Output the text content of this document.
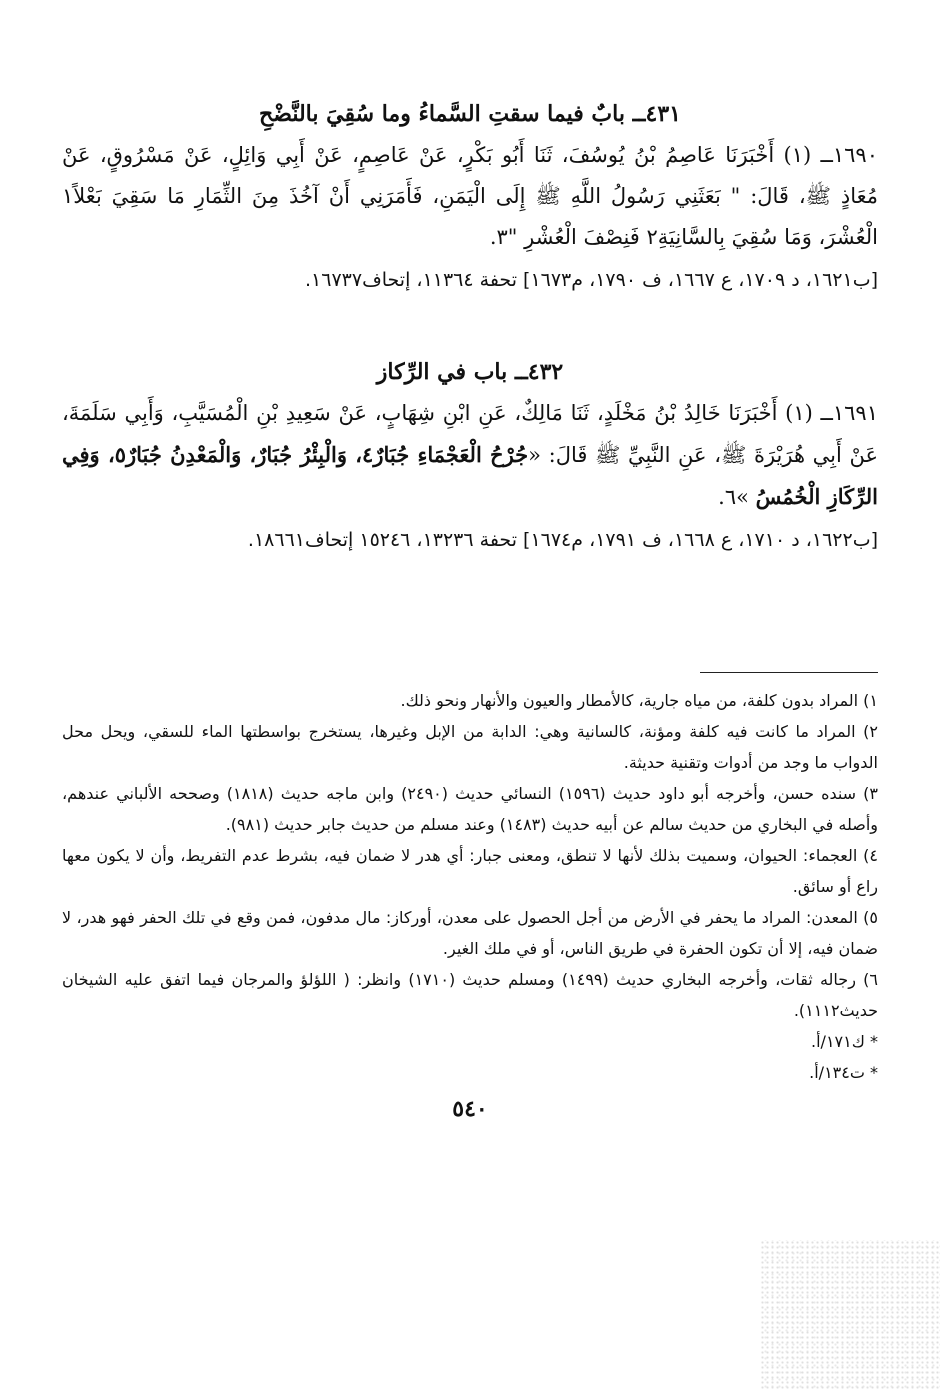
٤٣١ــ بابٌ فيما سقتِ السَّماءُ وما سُقِيَ بالنَّضْحِ

١٦٩٠ــ (١) أَخْبَرَنَا عَاصِمُ بْنُ يُوسُفَ، ثَنَا أَبُو بَكْرٍ، عَنْ عَاصِمٍ، عَنْ أَبِي وَائِلٍ، عَنْ مَسْرُوقٍ، عَنْ مُعَاذٍ ﷺ، قَالَ: " بَعَثَنِي رَسُولُ اللَّهِ ﷺ إِلَى الْيَمَنِ، فَأَمَرَنِي أَنْ آخُذَ مِنَ الثِّمَارِ مَا سَقِيَ بَعْلاً١ الْعُشْرَ، وَمَا سُقِيَ بِالسَّانِيَةِ٢ فَنِصْفَ الْعُشْرِ "٣.

[ب١٦٢١، د ١٧٠٩، ع ١٦٦٧، ف ١٧٩٠، م١٦٧٣] تحفة ١١٣٦٤، إتحاف١٦٧٣٧.

٤٣٢ــ باب في الرِّكاز

١٦٩١ــ (١) أَخْبَرَنَا خَالِدُ بْنُ مَخْلَدٍ، ثَنَا مَالِكٌ، عَنِ ابْنِ شِهَابٍ، عَنْ سَعِيدِ بْنِ الْمُسَيَّبِ، وَأَبِي سَلَمَةَ، عَنْ أَبِي هُرَيْرَةَ ﷺ، عَنِ النَّبِيِّ ﷺ قَالَ: «جُرْحُ الْعَجْمَاءِ جُبَارٌ٤، وَالْبِئْرُ جُبَارٌ، وَالْمَعْدِنُ جُبَارٌ٥، وَفِي الرِّكَازِ الْخُمُسُ »٦.

[ب١٦٢٢، د ١٧١٠، ع ١٦٦٨، ف ١٧٩١، م١٦٧٤] تحفة ١٣٢٣٦، ١٥٢٤٦ إتحاف١٨٦٦١.

١) المراد بدون كلفة، من مياه جارية، كالأمطار والعيون والأنهار ونحو ذلك.

٢) المراد ما كانت فيه كلفة ومؤنة، كالسانية وهي: الدابة من الإبل وغيرها، يستخرج بواسطتها الماء للسقي، ويحل محل الدواب ما وجد من أدوات وتقنية حديثة.

٣) سنده حسن، وأخرجه أبو داود حديث (١٥٩٦) النسائي حديث (٢٤٩٠) وابن ماجه حديث (١٨١٨) وصححه الألباني عندهم، وأصله في البخاري من حديث سالم عن أبيه حديث (١٤٨٣) وعند مسلم من حديث جابر حديث (٩٨١).

٤) العجماء: الحيوان، وسميت بذلك لأنها لا تنطق، ومعنى جبار: أي هدر لا ضمان فيه، بشرط عدم التفريط، وأن لا يكون معها راع أو سائق.

٥) المعدن: المراد ما يحفر في الأرض من أجل الحصول على معدن، أوركاز: مال مدفون، فمن وقع في تلك الحفر فهو هدر، لا ضمان فيه، إلا أن تكون الحفرة في طريق الناس، أو في ملك الغير.

٦) رجاله ثقات، وأخرجه البخاري حديث (١٤٩٩) ومسلم حديث (١٧١٠) وانظر: ( اللؤلؤ والمرجان فيما اتفق عليه الشيخان حديث١١١٢).

* ك١٧١/أ.

* ت١٣٤/أ.

٥٤٠
